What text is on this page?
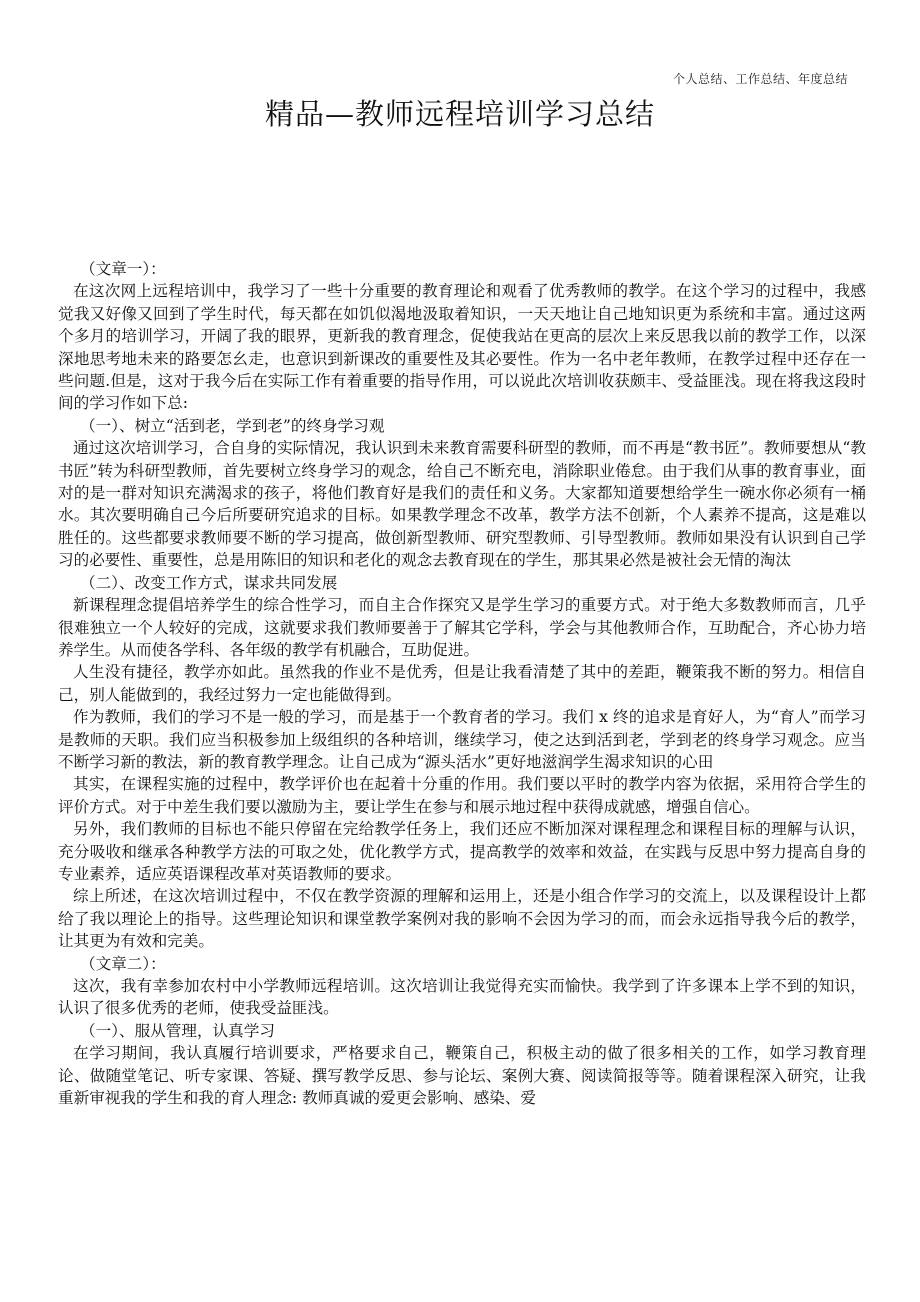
个人总结、工作总结、年度总结
精品—教师远程培训学习总结

（文章一）：

在这次网上远程培训中，我学习了一些十分重要的教育理论和观看了优秀教师的教学。在这个学习的过程中，我感觉我又好像又回到了学生时代，每天都在如饥似渴地汲取着知识，一天天地让自己地知识更为系统和丰富。通过这两个多月的培训学习，开阔了我的眼界，更新我的教育理念，促使我站在更高的层次上来反思我以前的教学工作，以深深地思考地未来的路要怎幺走，也意识到新课改的重要性及其必要性。作为一名中老年教师，在教学过程中还存在一些问题.但是，这对于我今后在实际工作有着重要的指导作用，可以说此次培训收获颇丰、受益匪浅。现在将我这段时间的学习作如下总:

（一）、树立“活到老，学到老”的终身学习观

通过这次培训学习，合自身的实际情况，我认识到未来教育需要科研型的教师，而不再是“教书匠”。教师要想从“教书匠”转为科研型教师，首先要树立终身学习的观念，给自己不断充电，消除职业倦怠。由于我们从事的教育事业，面对的是一群对知识充满渴求的孩子，将他们教育好是我们的责任和义务。大家都知道要想给学生一碗水你必须有一桶水。其次要明确自己今后所要研究追求的目标。如果教学理念不改革，教学方法不创新，个人素养不提高，这是难以胜任的。这些都要求教师要不断的学习提高，做创新型教师、研究型教师、引导型教师。教师如果没有认识到自己学习的必要性、重要性，总是用陈旧的知识和老化的观念去教育现在的学生，那其果必然是被社会无情的淘汰

（二）、改变工作方式，谋求共同发展

新课程理念提倡培养学生的综合性学习，而自主合作探究又是学生学习的重要方式。对于绝大多数教师而言，几乎很难独立一个人较好的完成，这就要求我们教师要善于了解其它学科，学会与其他教师合作，互助配合，齐心协力培养学生。从而使各学科、各年级的教学有机融合，互助促进。

人生没有捷径，教学亦如此。虽然我的作业不是优秀，但是让我看清楚了其中的差距，鞭策我不断的努力。相信自己，别人能做到的，我经过努力一定也能做得到。

作为教师，我们的学习不是一般的学习，而是基于一个教育者的学习。我们 x 终的追求是育好人，为“育人”而学习是教师的天职。我们应当积极参加上级组织的各种培训，继续学习，使之达到活到老，学到老的终身学习观念。应当不断学习新的教法，新的教育教学理念。让自己成为“源头活水”更好地滋润学生渴求知识的心田

其实，在课程实施的过程中，教学评价也在起着十分重的作用。我们要以平时的教学内容为依据，采用符合学生的评价方式。对于中差生我们要以激励为主，要让学生在参与和展示地过程中获得成就感，增强自信心。

另外，我们教师的目标也不能只停留在完给教学任务上，我们还应不断加深对课程理念和课程目标的理解与认识，充分吸收和继承各种教学方法的可取之处，优化教学方式，提高教学的效率和效益，在实践与反思中努力提高自身的专业素养，适应英语课程改革对英语教师的要求。

综上所述，在这次培训过程中，不仅在教学资源的理解和运用上，还是小组合作学习的交流上，以及课程设计上都给了我以理论上的指导。这些理论知识和课堂教学案例对我的影响不会因为学习的而，而会永远指导我今后的教学，让其更为有效和完美。

（文章二）：

这次，我有幸参加农村中小学教师远程培训。这次培训让我觉得充实而愉快。我学到了许多课本上学不到的知识，认识了很多优秀的老师，使我受益匪浅。

（一）、服从管理，认真学习

在学习期间，我认真履行培训要求，严格要求自己，鞭策自己，积极主动的做了很多相关的工作，如学习教育理论、做随堂笔记、听专家课、答疑、撰写教学反思、参与论坛、案例大赛、阅读简报等等。随着课程深入研究，让我重新审视我的学生和我的育人理念: 教师真诚的爱更会影响、感染、爱
